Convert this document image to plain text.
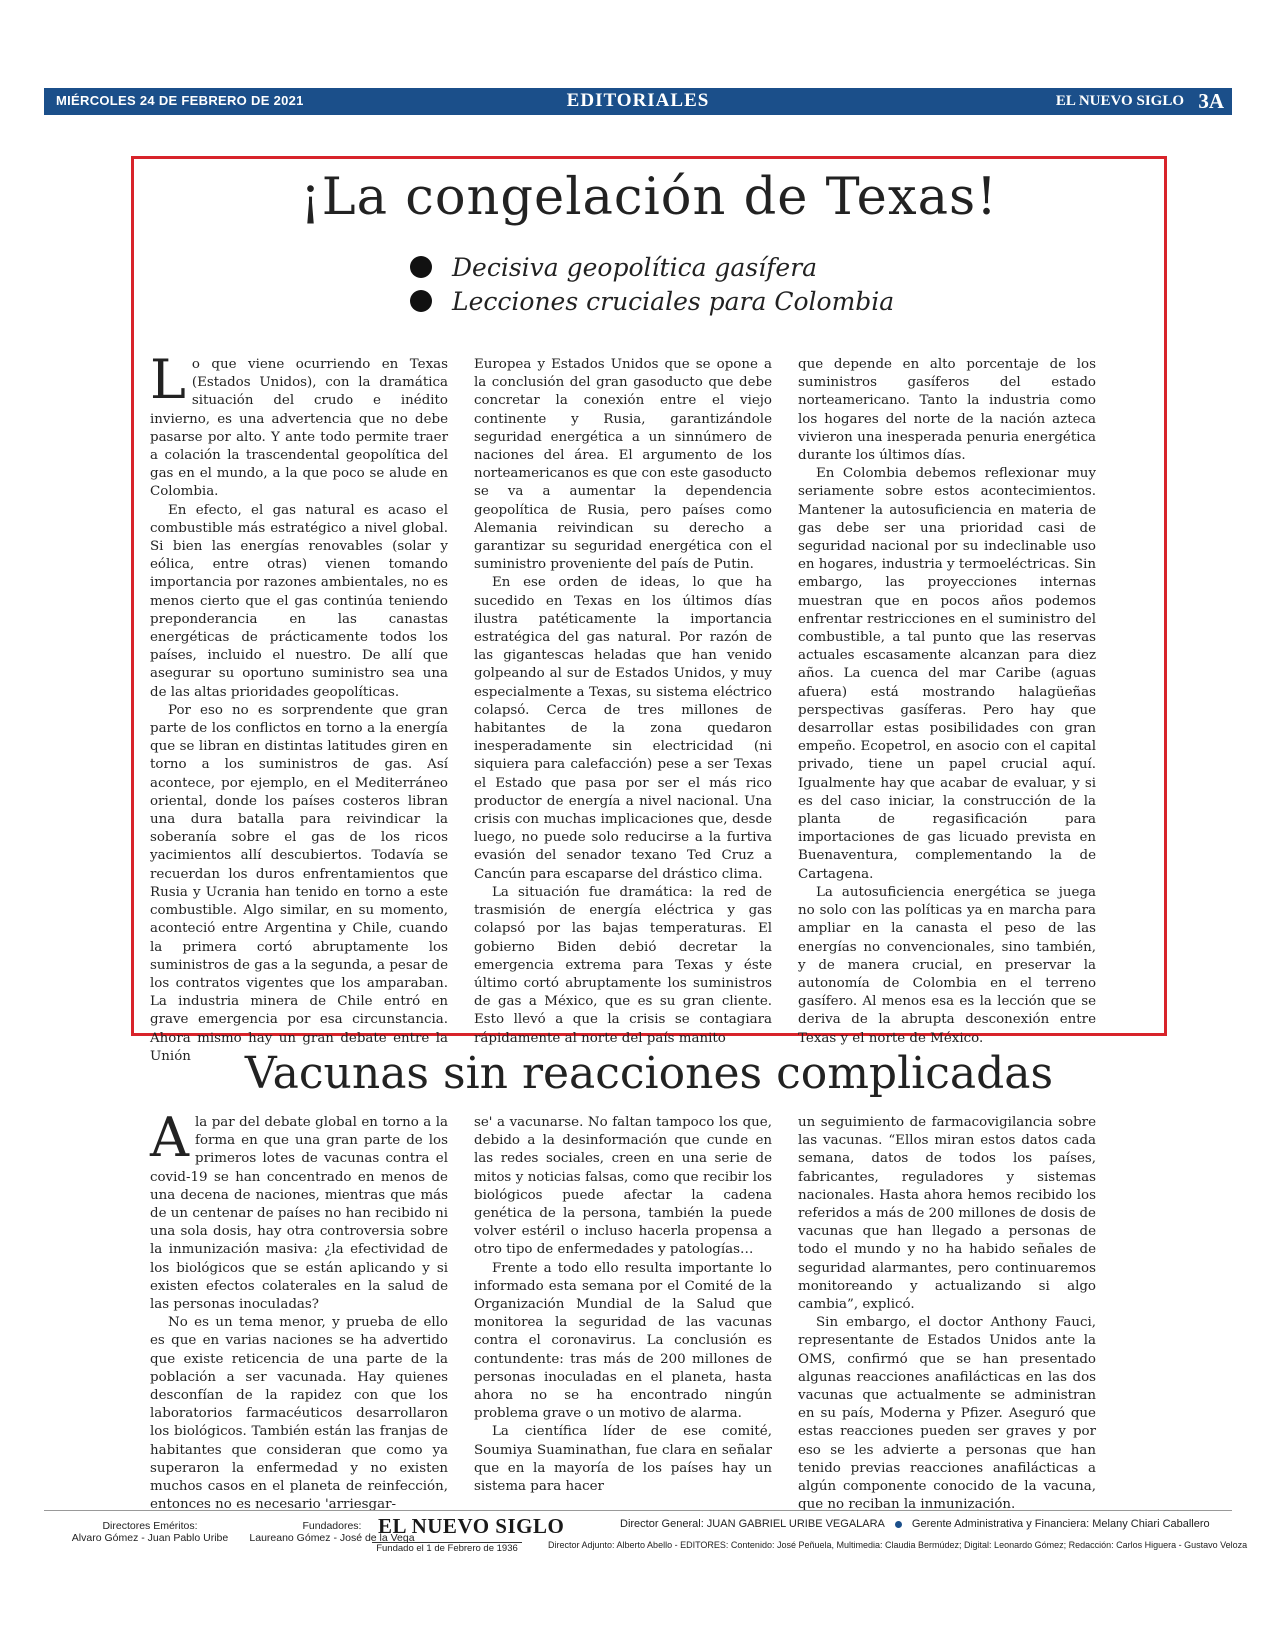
MIÉRCOLES 24 DE FEBRERO DE 2021	EDITORIALES	EL NUEVO SIGLO 3A
¡La congelación de Texas!
Decisiva geopolítica gasífera
Lecciones cruciales para Colombia

Lo que viene ocurriendo en Texas (Estados Unidos), con la dramática situación del crudo e inédito invierno, es una advertencia que no debe pasarse por alto. Y ante todo permite traer a colación la trascendental geopolítica del gas en el mundo, a la que poco se alude en Colombia.

En efecto, el gas natural es acaso el combustible más estratégico a nivel global. Si bien las energías renovables (solar y eólica, entre otras) vienen tomando importancia por razones ambientales, no es menos cierto que el gas continúa teniendo preponderancia en las canastas energéticas de prácticamente todos los países, incluido el nuestro. De allí que asegurar su oportuno suministro sea una de las altas prioridades geopolíticas.

Por eso no es sorprendente que gran parte de los conflictos en torno a la energía que se libran en distintas latitudes giren en torno a los suministros de gas. Así acontece, por ejemplo, en el Mediterráneo oriental, donde los países costeros libran una dura batalla para reivindicar la soberanía sobre el gas de los ricos yacimientos allí descubiertos. Todavía se recuerdan los duros enfrentamientos que Rusia y Ucrania han tenido en torno a este combustible. Algo similar, en su momento, aconteció entre Argentina y Chile, cuando la primera cortó abruptamente los suministros de gas a la segunda, a pesar de los contratos vigentes que los amparaban. La industria minera de Chile entró en grave emergencia por esa circunstancia. Ahora mismo hay un gran debate entre la Unión

Europea y Estados Unidos que se opone a la conclusión del gran gasoducto que debe concretar la conexión entre el viejo continente y Rusia, garantizándole seguridad energética a un sinnúmero de naciones del área. El argumento de los norteamericanos es que con este gasoducto se va a aumentar la dependencia geopolítica de Rusia, pero países como Alemania reivindican su derecho a garantizar su seguridad energética con el suministro proveniente del país de Putin.

En ese orden de ideas, lo que ha sucedido en Texas en los últimos días ilustra patéticamente la importancia estratégica del gas natural. Por razón de las gigantescas heladas que han venido golpeando al sur de Estados Unidos, y muy especialmente a Texas, su sistema eléctrico colapsó. Cerca de tres millones de habitantes de la zona quedaron inesperadamente sin electricidad (ni siquiera para calefacción) pese a ser Texas el Estado que pasa por ser el más rico productor de energía a nivel nacional. Una crisis con muchas implicaciones que, desde luego, no puede solo reducirse a la furtiva evasión del senador texano Ted Cruz a Cancún para escaparse del drástico clima.

La situación fue dramática: la red de trasmisión de energía eléctrica y gas colapsó por las bajas temperaturas. El gobierno Biden debió decretar la emergencia extrema para Texas y éste último cortó abruptamente los suministros de gas a México, que es su gran cliente. Esto llevó a que la crisis se contagiara rápidamente al norte del país manito

que depende en alto porcentaje de los suministros gasíferos del estado norteamericano. Tanto la industria como los hogares del norte de la nación azteca vivieron una inesperada penuria energética durante los últimos días.

En Colombia debemos reflexionar muy seriamente sobre estos acontecimientos. Mantener la autosuficiencia en materia de gas debe ser una prioridad casi de seguridad nacional por su indeclinable uso en hogares, industria y termoeléctricas. Sin embargo, las proyecciones internas muestran que en pocos años podemos enfrentar restricciones en el suministro del combustible, a tal punto que las reservas actuales escasamente alcanzan para diez años. La cuenca del mar Caribe (aguas afuera) está mostrando halagüeñas perspectivas gasíferas. Pero hay que desarrollar estas posibilidades con gran empeño. Ecopetrol, en asocio con el capital privado, tiene un papel crucial aquí. Igualmente hay que acabar de evaluar, y si es del caso iniciar, la construcción de la planta de regasificación para importaciones de gas licuado prevista en Buenaventura, complementando la de Cartagena.

La autosuficiencia energética se juega no solo con las políticas ya en marcha para ampliar en la canasta el peso de las energías no convencionales, sino también, y de manera crucial, en preservar la autonomía de Colombia en el terreno gasífero. Al menos esa es la lección que se deriva de la abrupta desconexión entre Texas y el norte de México.

Vacunas sin reacciones complicadas

Ala par del debate global en torno a la forma en que una gran parte de los primeros lotes de vacunas contra el covid-19 se han concentrado en menos de una decena de naciones, mientras que más de un centenar de países no han recibido ni una sola dosis, hay otra controversia sobre la inmunización masiva: ¿la efectividad de los biológicos que se están aplicando y si existen efectos colaterales en la salud de las personas inoculadas?

No es un tema menor, y prueba de ello es que en varias naciones se ha advertido que existe reticencia de una parte de la población a ser vacunada. Hay quienes desconfían de la rapidez con que los laboratorios farmacéuticos desarrollaron los biológicos. También están las franjas de habitantes que consideran que como ya superaron la enfermedad y no existen muchos casos en el planeta de reinfección, entonces no es necesario 'arriesgar-

se' a vacunarse. No faltan tampoco los que, debido a la desinformación que cunde en las redes sociales, creen en una serie de mitos y noticias falsas, como que recibir los biológicos puede afectar la cadena genética de la persona, también la puede volver estéril o incluso hacerla propensa a otro tipo de enfermedades y patologías…

Frente a todo ello resulta importante lo informado esta semana por el Comité de la Organización Mundial de la Salud que monitorea la seguridad de las vacunas contra el coronavirus. La conclusión es contundente: tras más de 200 millones de personas inoculadas en el planeta, hasta ahora no se ha encontrado ningún problema grave o un motivo de alarma.

La científica líder de ese comité, Soumiya Suaminathan, fue clara en señalar que en la mayoría de los países hay un sistema para hacer

un seguimiento de farmacovigilancia sobre las vacunas. “Ellos miran estos datos cada semana, datos de todos los países, fabricantes, reguladores y sistemas nacionales. Hasta ahora hemos recibido los referidos a más de 200 millones de dosis de vacunas que han llegado a personas de todo el mundo y no ha habido señales de seguridad alarmantes, pero continuaremos monitoreando y actualizando si algo cambia”, explicó.

Sin embargo, el doctor Anthony Fauci, representante de Estados Unidos ante la OMS, confirmó que se han presentado algunas reacciones anafilácticas en las dos vacunas que actualmente se administran en su país, Moderna y Pfizer. Aseguró que estas reacciones pueden ser graves y por eso se les advierte a personas que han tenido previas reacciones anafilácticas a algún componente conocido de la vacuna, que no reciban la inmunización.

Directores Eméritos:
Alvaro Gómez - Juan Pablo Uribe
Fundadores:
Laureano Gómez - José de la Vega
EL NUEVO SIGLO
Fundado el 1 de Febrero de 1936
Director General: JUAN GABRIEL URIBE VEGALARA Gerente Administrativa y Financiera: Melany Chiari Caballero
Director Adjunto: Alberto Abello - EDITORES: Contenido: José Peñuela, Multimedia: Claudia Bermúdez; Digital: Leonardo Gómez; Redacción: Carlos Higuera - Gustavo Veloza
